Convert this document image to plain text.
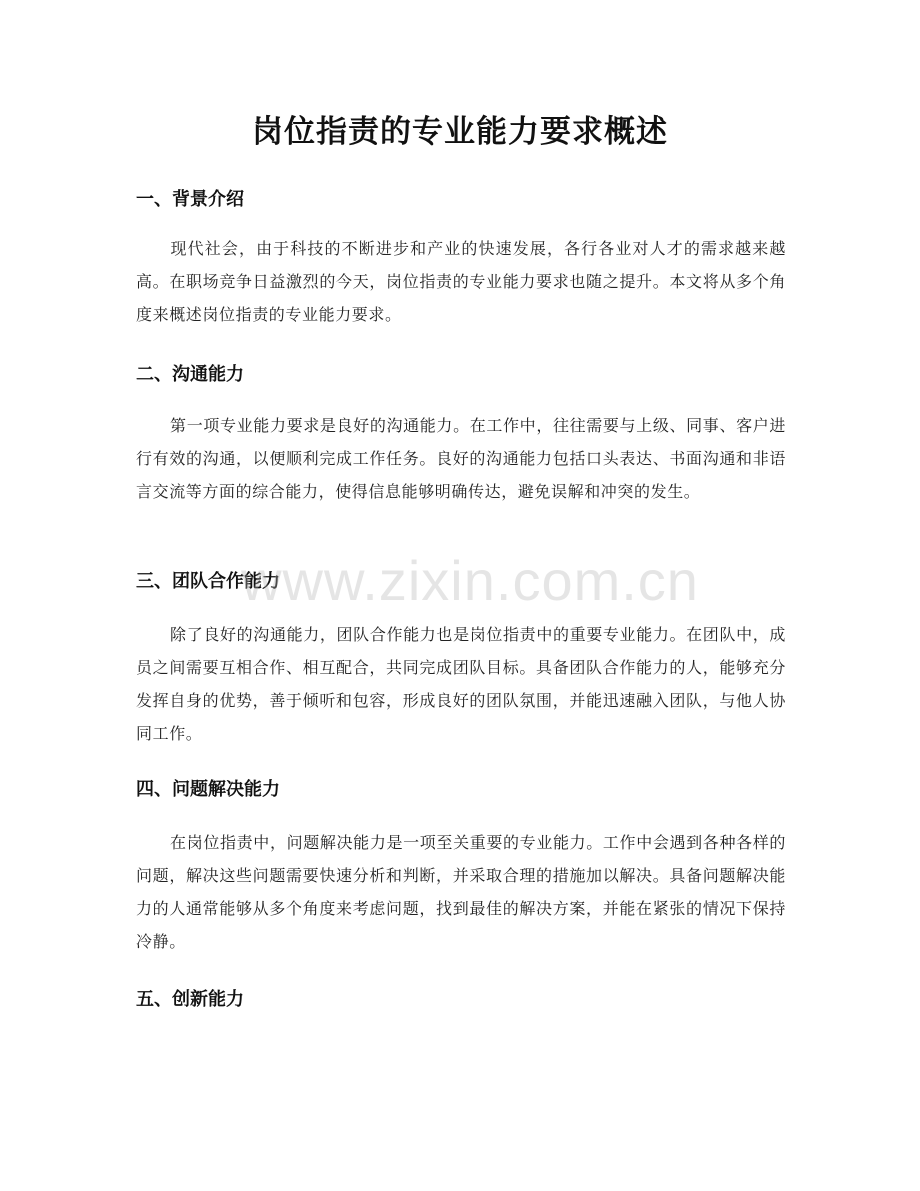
岗位指责的专业能力要求概述
一、背景介绍
现代社会，由于科技的不断进步和产业的快速发展，各行各业对人才的需求越来越高。在职场竞争日益激烈的今天，岗位指责的专业能力要求也随之提升。本文将从多个角度来概述岗位指责的专业能力要求。
二、沟通能力
第一项专业能力要求是良好的沟通能力。在工作中，往往需要与上级、同事、客户进行有效的沟通，以便顺利完成工作任务。良好的沟通能力包括口头表达、书面沟通和非语言交流等方面的综合能力，使得信息能够明确传达，避免误解和冲突的发生。
三、团队合作能力
除了良好的沟通能力，团队合作能力也是岗位指责中的重要专业能力。在团队中，成员之间需要互相合作、相互配合，共同完成团队目标。具备团队合作能力的人，能够充分发挥自身的优势，善于倾听和包容，形成良好的团队氛围，并能迅速融入团队，与他人协同工作。
四、问题解决能力
在岗位指责中，问题解决能力是一项至关重要的专业能力。工作中会遇到各种各样的问题，解决这些问题需要快速分析和判断，并采取合理的措施加以解决。具备问题解决能力的人通常能够从多个角度来考虑问题，找到最佳的解决方案，并能在紧张的情况下保持冷静。
五、创新能力
www.zixin.com.cn
